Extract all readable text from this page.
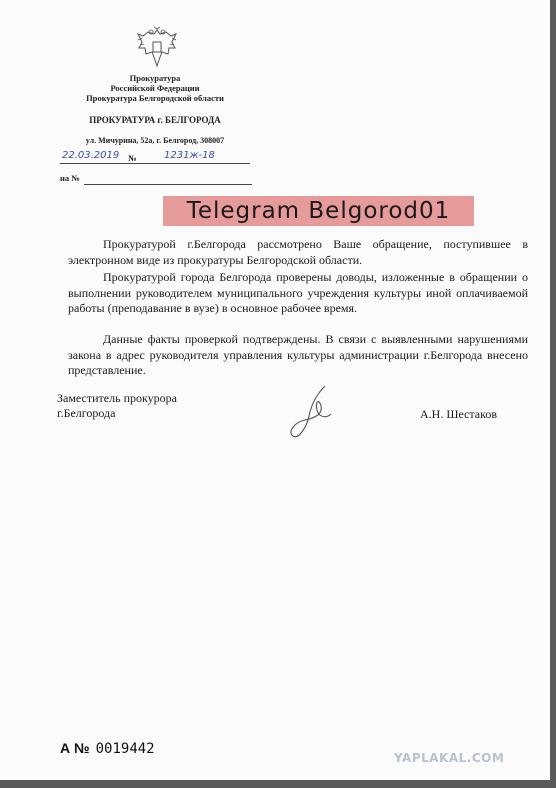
Прокуратура
Российской Федерации
Прокуратура Белгородской области
ПРОКУРАТУРА г. БЕЛГОРОДА
ул. Мичурина, 52а, г. Белгород, 308007
22.03.2019 №	1231ж-18
на №
Telegram Belgorod01

Прокуратурой г.Белгорода рассмотрено Ваше обращение, поступившее в электронном виде из прокуратуры Белгородской области.

Прокуратурой города Белгорода проверены доводы, изложенные в обращении о выполнении руководителем муниципального учреждения культуры иной оплачиваемой работы (преподавание в вузе) в основное рабочее время.

Данные факты проверкой подтверждены. В связи с выявленными нарушениями закона в адрес руководителя управления культуры администрации г.Белгорода внесено представление.

Заместитель прокурора
г.Белгорода	А.Н. Шестаков
А № 0019442
YAPLAKAL.COM
